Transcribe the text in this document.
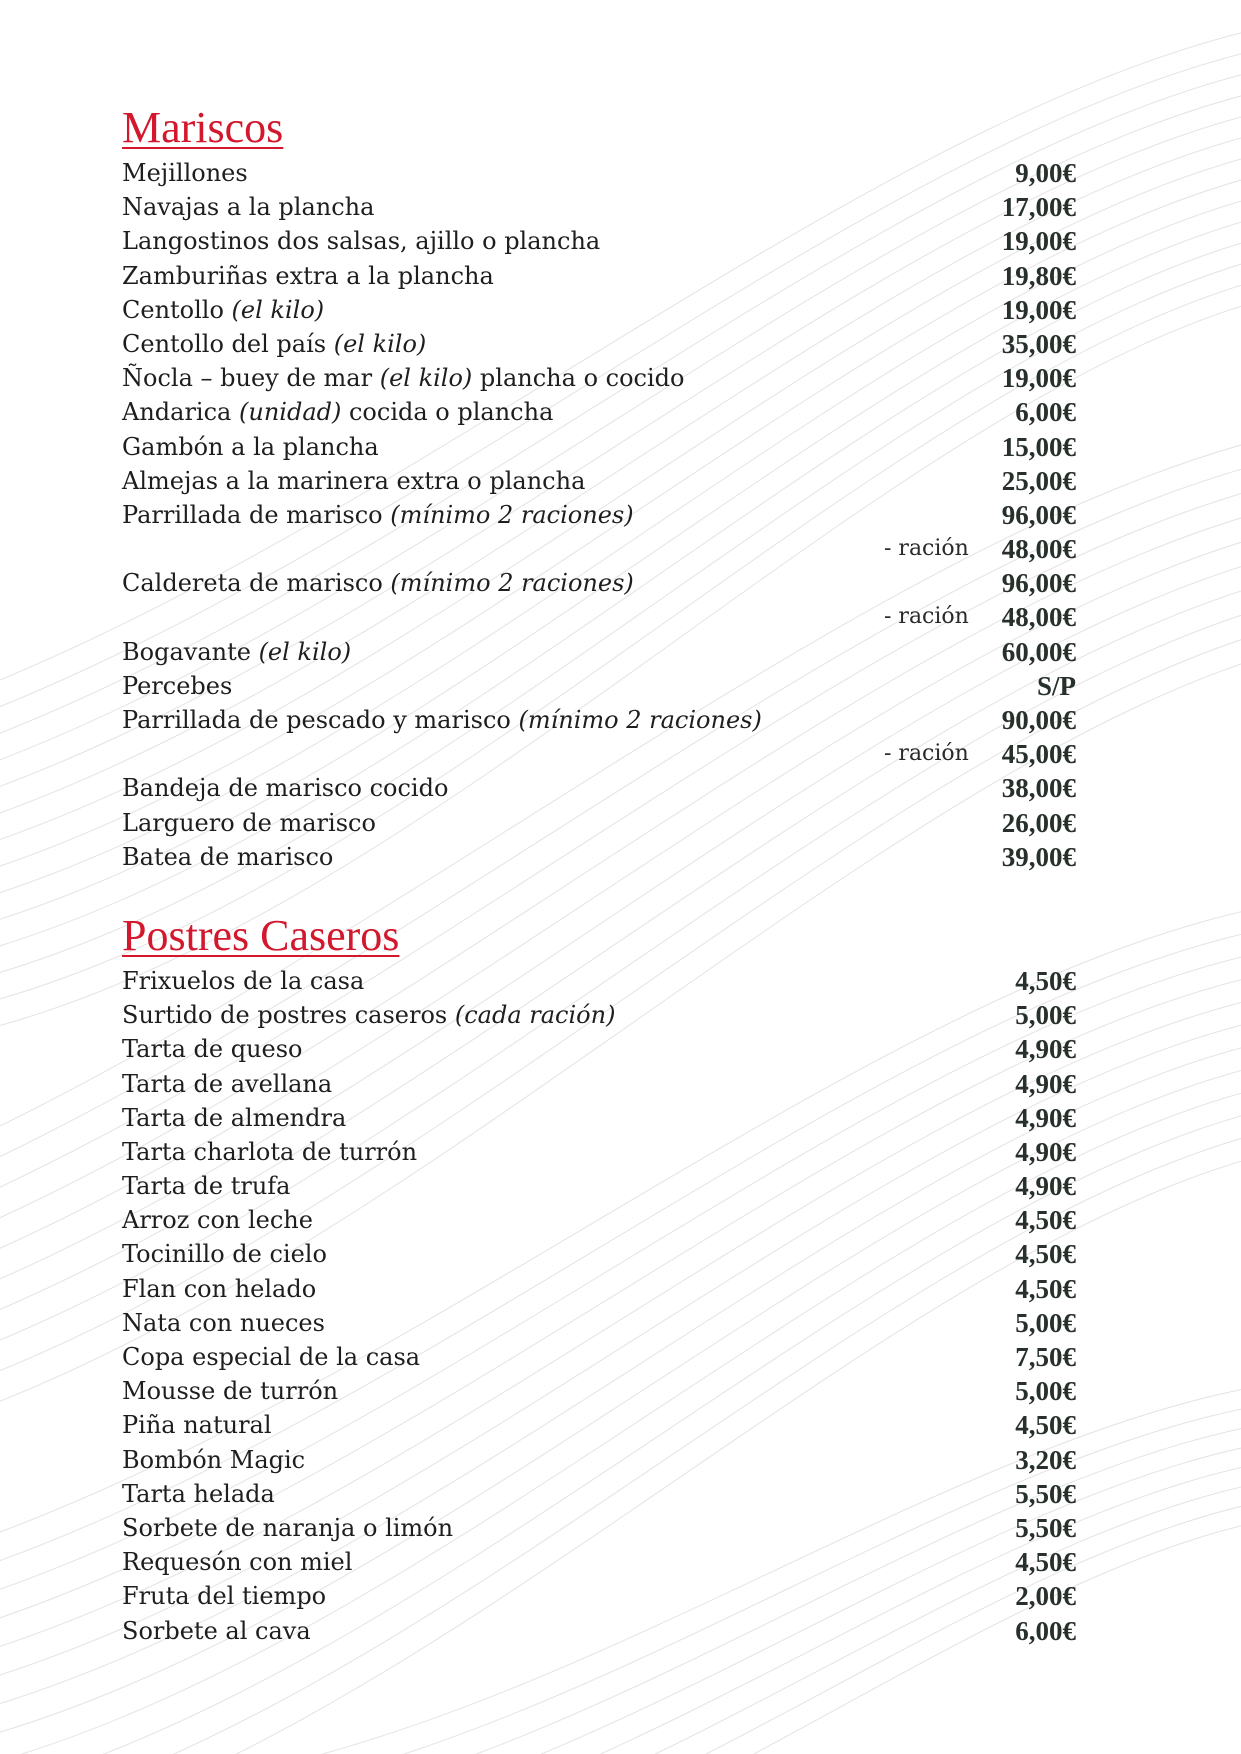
Mariscos
Mejillones	9,00€
Navajas a la plancha	17,00€
Langostinos dos salsas, ajillo o plancha	19,00€
Zamburiñas extra a la plancha	19,80€
Centollo (el kilo)	19,00€
Centollo del país (el kilo)	35,00€
Ñocla – buey de mar (el kilo) plancha o cocido	19,00€
Andarica (unidad) cocida o plancha	6,00€
Gambón a la plancha	15,00€
Almejas a la marinera extra o plancha	25,00€
Parrillada de marisco (mínimo 2 raciones)	96,00€
- ración 48,00€
Caldereta de marisco (mínimo 2 raciones)	96,00€
- ración 48,00€
Bogavante (el kilo)	60,00€
Percebes	S/P
Parrillada de pescado y marisco (mínimo 2 raciones)	90,00€
- ración 45,00€
Bandeja de marisco cocido	38,00€
Larguero de marisco	26,00€
Batea de marisco	39,00€
Postres Caseros
Frixuelos de la casa	4,50€
Surtido de postres caseros (cada ración)	5,00€
Tarta de queso	4,90€
Tarta de avellana	4,90€
Tarta de almendra	4,90€
Tarta charlota de turrón	4,90€
Tarta de trufa	4,90€
Arroz con leche	4,50€
Tocinillo de cielo	4,50€
Flan con helado	4,50€
Nata con nueces	5,00€
Copa especial de la casa	7,50€
Mousse de turrón	5,00€
Piña natural	4,50€
Bombón Magic	3,20€
Tarta helada	5,50€
Sorbete de naranja o limón	5,50€
Requesón con miel	4,50€
Fruta del tiempo	2,00€
Sorbete al cava	6,00€
